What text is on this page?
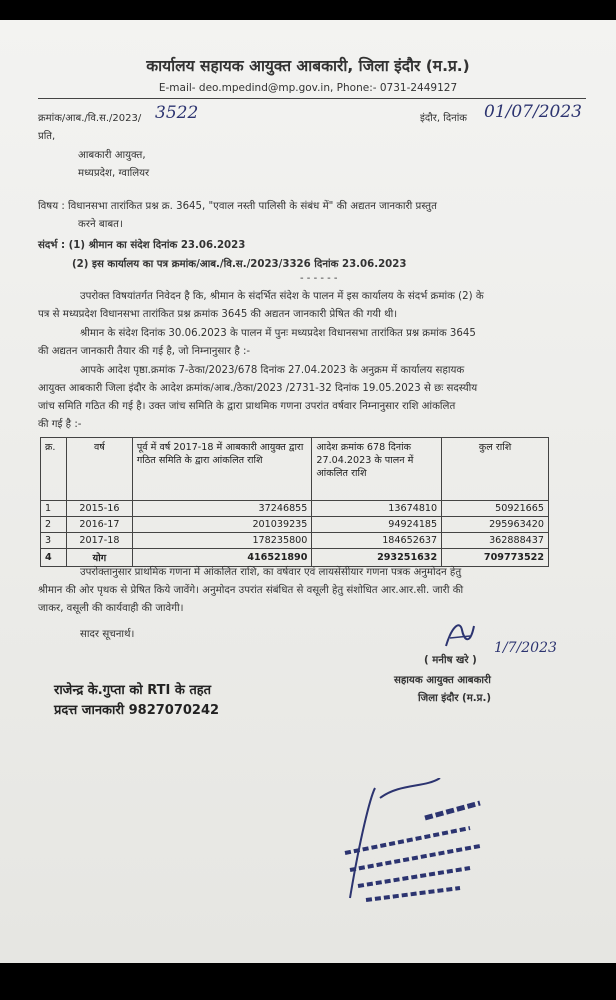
कार्यालय सहायक आयुक्त आबकारी, जिला इंदौर (म.प्र.)
E-mail- deo.mpedind@mp.gov.in, Phone:- 0731-2449127
क्रमांक/आब./वि.स./2023/ 3522	इंदौर, दिनांक 01/07/2023
प्रति,
आबकारी आयुक्त,
मध्यप्रदेश, ग्वालियर
विषय : विधानसभा तारांकित प्रश्न क्र. 3645, "एवाल नस्ती पालिसी के संबंध में" की अद्यतन जानकारी प्रस्तुत
करने बाबत।
संदर्भ : (1) श्रीमान का संदेश दिनांक 23.06.2023
(2) इस कार्यालय का पत्र क्रमांक/आब./वि.स./2023/3326 दिनांक 23.06.2023
- - - - - -
उपरोक्त विषयांतर्गत निवेदन है कि, श्रीमान के संदर्भित संदेश के पालन में इस कार्यालय के संदर्भ क्रमांक (2) के
पत्र से मध्यप्रदेश विधानसभा तारांकित प्रश्न क्रमांक 3645 की अद्यतन जानकारी प्रेषित की गयी थी।
श्रीमान के संदेश दिनांक 30.06.2023 के पालन में पुनः मध्यप्रदेश विधानसभा तारांकित प्रश्न क्रमांक 3645
की अद्यतन जानकारी तैयार की गई है, जो निम्नानुसार है :-
आपके आदेश पृष्ठा.क्रमांक 7-ठेका/2023/678 दिनांक 27.04.2023 के अनुक्रम में कार्यालय सहायक
आयुक्त आबकारी जिला इंदौर के आदेश क्रमांक/आब./ठेका/2023 /2731-32 दिनांक 19.05.2023 से छः सदस्यीय
जांच समिति गठित की गई है। उक्त जांच समिति के द्वारा प्राथमिक गणना उपरांत वर्षवार निम्नानुसार राशि आंकलित
की गई है :-
क्र.	वर्ष	पूर्व में वर्ष 2017-18 में आबकारी आयुक्त द्वारा गठित समिति के द्वारा आंकलित राशि	आदेश क्रमांक 678 दिनांक 27.04.2023 के पालन में आंकलित राशि	कुल राशि
1	2015-16	37246855	13674810	50921665
2	2016-17	201039235	94924185	295963420
3	2017-18	178235800	184652637	362888437
4	योग	416521890	293251632	709773522
उपरोक्तानुसार प्राथमिक गणना में आंकलित राशि, का वर्षवार एवं लायसेंसीयार गणना पत्रक अनुमोदन हेतु
श्रीमान की ओर पृथक से प्रेषित किये जावेंगे। अनुमोदन उपरांत संबंधित से वसूली हेतु संशोधित आर.आर.सी. जारी की
जाकर, वसूली की कार्यवाही की जावेगी।
सादर सूचनार्थ।
( मनीष खरे )
1/7/2023
सहायक आयुक्त आबकारी
जिला इंदौर (म.प्र.)
राजेन्द्र के.गुप्ता को RTI के तहत
प्रदत्त जानकारी 9827070242
